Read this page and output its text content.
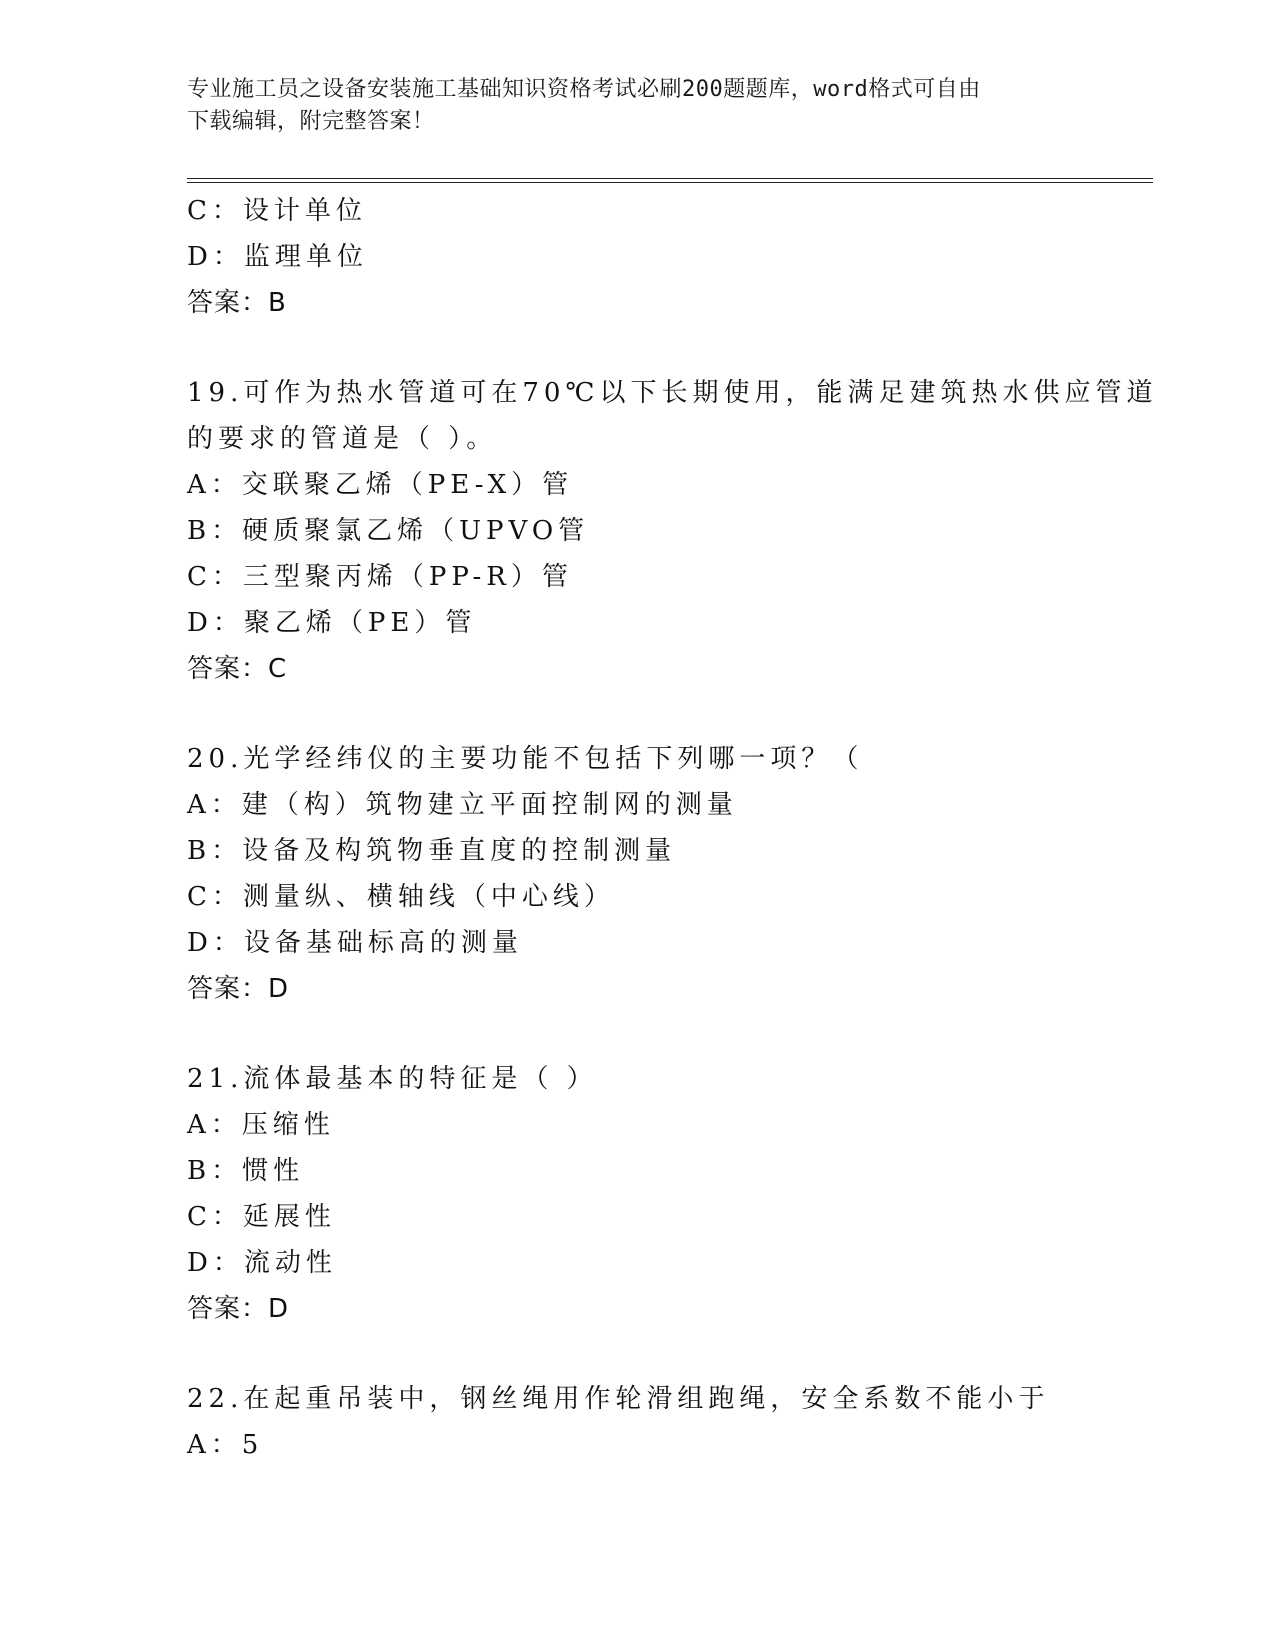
专业施工员之设备安装施工基础知识资格考试必刷200题题库，word格式可自由
下载编辑，附完整答案！
C：设计单位
D：监理单位
答案：B
19.可作为热水管道可在70℃以下长期使用，能满足建筑热水供应管道
的要求的管道是（ ）。
A：交联聚乙烯（PE-X）管
B：硬质聚氯乙烯（UPVO管
C：三型聚丙烯（PP-R）管
D：聚乙烯（PE）管
答案：C
20.光学经纬仪的主要功能不包括下列哪一项？（
A：建（构）筑物建立平面控制网的测量
B：设备及构筑物垂直度的控制测量
C：测量纵、横轴线（中心线）
D：设备基础标高的测量
答案：D
21.流体最基本的特征是（ ）
A：压缩性
B：惯性
C：延展性
D：流动性
答案：D
22.在起重吊装中，钢丝绳用作轮滑组跑绳，安全系数不能小于
A：5
